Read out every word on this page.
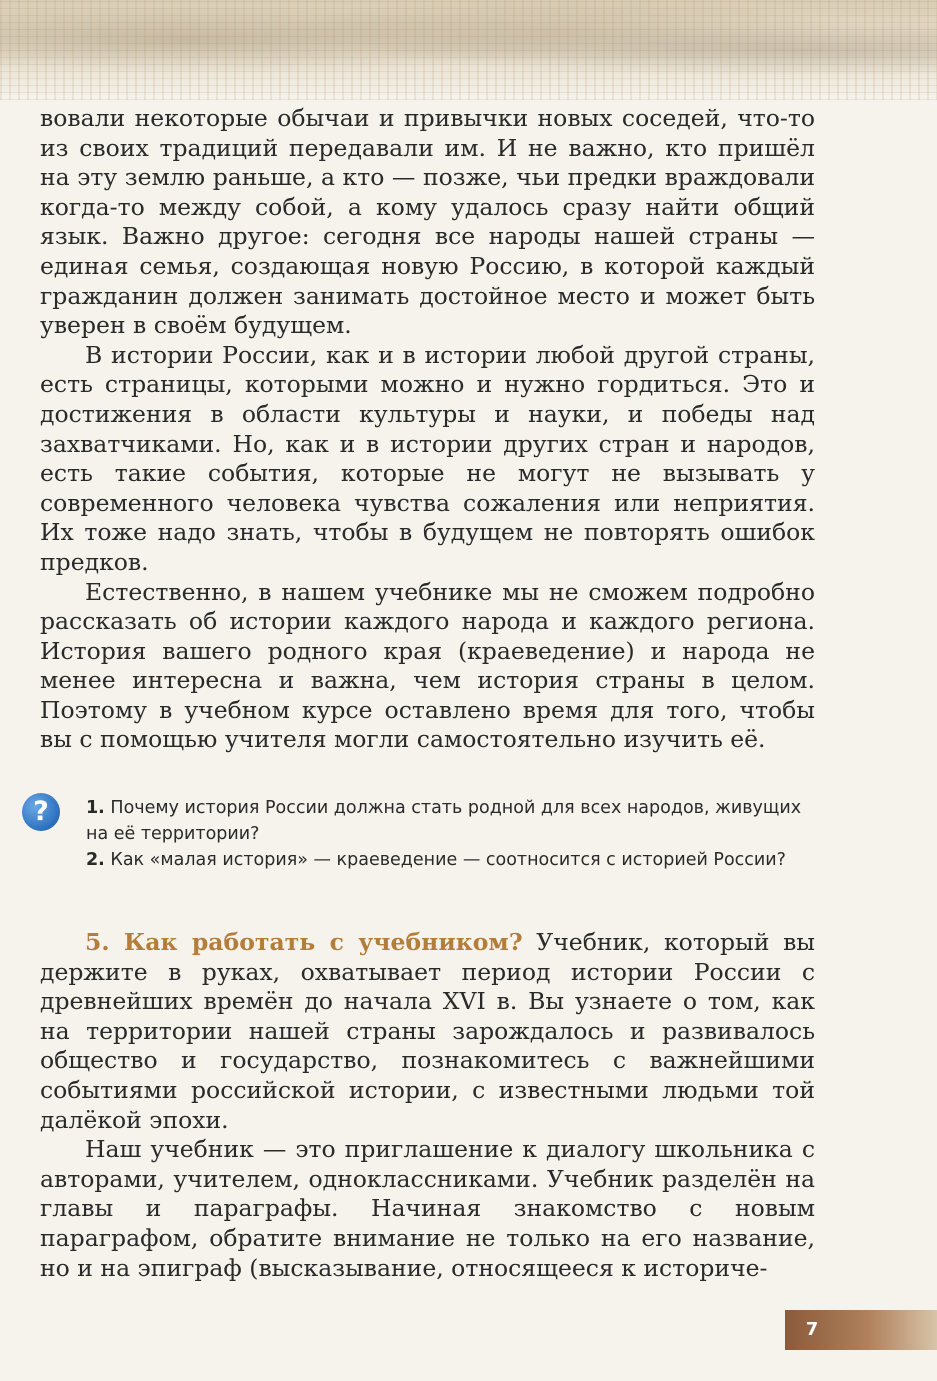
вовали некоторые обычаи и привычки новых соседей, что-то из своих традиций передавали им. И не важно, кто пришёл на эту землю раньше, а кто — позже, чьи предки враждовали когда-то между собой, а кому удалось сразу найти общий язык. Важно другое: сегодня все народы нашей страны — единая семья, создающая новую Россию, в которой каждый гражданин должен занимать достойное место и может быть уверен в своём будущем.

В истории России, как и в истории любой другой страны, есть страницы, которыми можно и нужно гордиться. Это и достижения в области культуры и науки, и победы над захватчиками. Но, как и в истории других стран и народов, есть такие события, которые не могут не вызывать у современного человека чувства сожаления или неприятия. Их тоже надо знать, чтобы в будущем не повторять ошибок предков.

Естественно, в нашем учебнике мы не сможем подробно рассказать об истории каждого народа и каждого региона. История вашего родного края (краеведение) и народа не менее интересна и важна, чем история страны в целом. Поэтому в учебном курсе оставлено время для того, чтобы вы с помощью учителя могли самостоятельно изучить её.

?	1. Почему история России должна стать родной для всех народов, живущих на её территории?
2. Как «малая история» — краеведение — соотносится с историей России?

5. Как работать с учебником? Учебник, который вы держите в руках, охватывает период истории России с древнейших времён до начала XVI в. Вы узнаете о том, как на территории нашей страны зарождалось и развивалось общество и государство, познакомитесь с важнейшими событиями российской истории, с известными людьми той далёкой эпохи.

Наш учебник — это приглашение к диалогу школьника с авторами, учителем, одноклассниками. Учебник разделён на главы и параграфы. Начиная знакомство с новым параграфом, обратите внимание не только на его название, но и на эпиграф (высказывание, относящееся к историче-

7
